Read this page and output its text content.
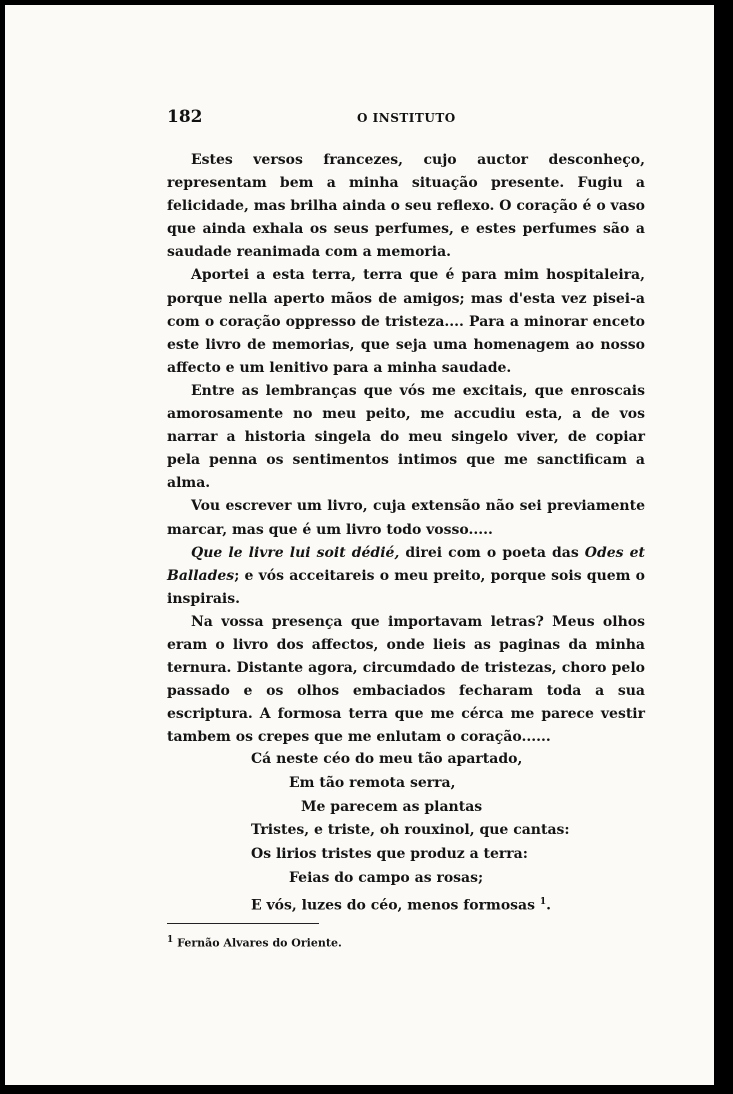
182	O INSTITUTO

Estes versos francezes, cujo auctor desconheço, representam bem a minha situação presente. Fugiu a felicidade, mas brilha ainda o seu reflexo. O coração é o vaso que ainda exhala os seus perfumes, e estes perfumes são a saudade reanimada com a memoria.

Aportei a esta terra, terra que é para mim hospitaleira, porque nella aperto mãos de amigos; mas d'esta vez pisei-a com o coração oppresso de tristeza.... Para a minorar enceto este livro de memorias, que seja uma homenagem ao nosso affecto e um lenitivo para a minha saudade.

Entre as lembranças que vós me excitais, que enroscais amorosamente no meu peito, me accudiu esta, a de vos narrar a historia singela do meu singelo viver, de copiar pela penna os sentimentos intimos que me sanctificam a alma.

Vou escrever um livro, cuja extensão não sei previamente marcar, mas que é um livro todo vosso.....

Que le livre lui soit dédié, direi com o poeta das Odes et Ballades; e vós acceitareis o meu preito, porque sois quem o inspirais.

Na vossa presença que importavam letras? Meus olhos eram o livro dos affectos, onde lieis as paginas da minha ternura. Distante agora, circumdado de tristezas, choro pelo passado e os olhos embaciados fecharam toda a sua escriptura. A formosa terra que me cérca me parece vestir tambem os crepes que me enlutam o coração......

Cá neste céo do meu tão apartado,
Em tão remota serra,
Me parecem as plantas
Tristes, e triste, oh rouxinol, que cantas:
Os lirios tristes que produz a terra:
Feias do campo as rosas;
E vós, luzes do céo, menos formosas $^1$.
$^1$ Fernão Alvares do Oriente.
